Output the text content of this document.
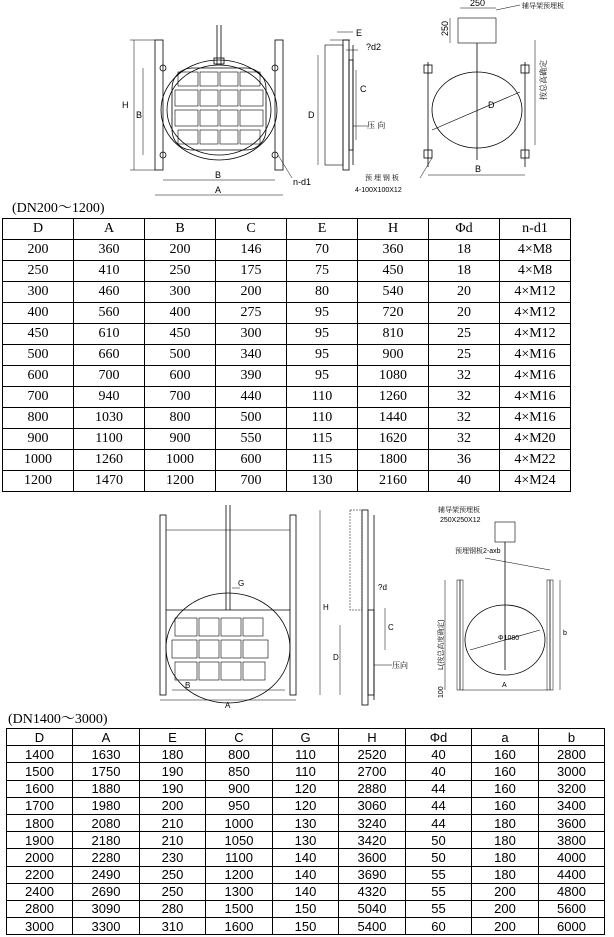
H
B
B
A
n-d1
E
?d2
C
D
压 向
250
250
辅导架预埋板
D
B
按总高确定
预 埋 钢 板
4-100X100X12
(DN200～1200)
D	A	B	C	E	H	Φd	n-d1
200	360	200	146	70	360	18	4×M8
250	410	250	175	75	450	18	4×M8
300	460	300	200	80	540	20	4×M12
400	560	400	275	95	720	20	4×M12
450	610	450	300	95	810	25	4×M12
500	660	500	340	95	900	25	4×M16
600	700	600	390	95	1080	32	4×M16
700	940	700	440	110	1260	32	4×M16
800	1030	800	500	110	1440	32	4×M16
900	1100	900	550	115	1620	32	4×M20
1000	1260	1000	600	115	1800	36	4×M22
1200	1470	1200	700	130	2160	40	4×M24
H
G
B
A
?d
C
D
压向
辅导架预埋板
250X250X12
预埋钢板2-axb
L(按总高度确定)	Φ1080
A
b
100
(DN1400～3000)
D	A	E	C	G	H	Φd	a	b
1400	1630	180	800	110	2520	40	160	2800
1500	1750	190	850	110	2700	40	160	3000
1600	1880	190	900	120	2880	44	160	3200
1700	1980	200	950	120	3060	44	160	3400
1800	2080	210	1000	130	3240	44	180	3600
1900	2180	210	1050	130	3420	50	180	3800
2000	2280	230	1100	140	3600	50	180	4000
2200	2490	250	1200	140	3690	55	180	4400
2400	2690	250	1300	140	4320	55	200	4800
2800	3090	280	1500	150	5040	55	200	5600
3000	3300	310	1600	150	5400	60	200	6000
